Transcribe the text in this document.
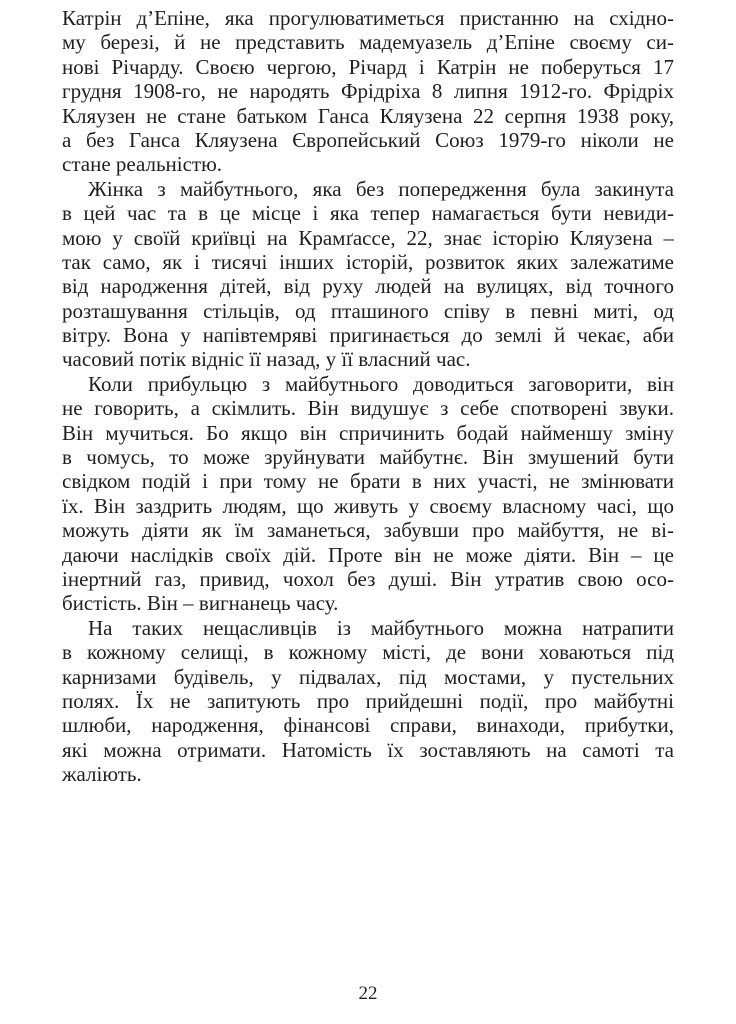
Катрін д’Епіне, яка прогулюватиметься пристанню на східно-
му березі, й не представить мадемуазель д’Епіне своєму си-
нові Річарду. Своєю чергою, Річард і Катрін не поберуться 17
грудня 1908-го, не народять Фрідріха 8 липня 1912-го. Фрідріх
Кляузен не стане батьком Ганса Кляузена 22 серпня 1938 року,
а без Ганса Кляузена Європейський Союз 1979-го ніколи не
стане реальністю.
Жінка з майбутнього, яка без попередження була закинута
в цей час та в це місце і яка тепер намагається бути невиди-
мою у своїй криївці на Крамґассе, 22, знає історію Кляузена –
так само, як і тисячі інших історій, розвиток яких залежатиме
від народження дітей, від руху людей на вулицях, від точного
розташування стільців, од пташиного співу в певні миті, од
вітру. Вона у напівтемряві пригинається до землі й чекає, аби
часовий потік відніс її назад, у її власний час.
Коли прибульцю з майбутнього доводиться заговорити, він
не говорить, а скімлить. Він видушує з себе спотворені звуки.
Він мучиться. Бо якщо він спричинить бодай найменшу зміну
в чомусь, то може зруйнувати майбутнє. Він змушений бути
свідком подій і при тому не брати в них участі, не змінювати
їх. Він заздрить людям, що живуть у своєму власному часі, що
можуть діяти як їм заманеться, забувши про майбуття, не ві-
даючи наслідків своїх дій. Проте він не може діяти. Він – це
інертний газ, привид, чохол без душі. Він утратив свою осо-
бистість. Він – вигнанець часу.
На таких нещасливців із майбутнього можна натрапити
в кожному селищі, в кожному місті, де вони ховаються під
карнизами будівель, у підвалах, під мостами, у пустельних
полях. Їх не запитують про прийдешні події, про майбутні
шлюби, народження, фінансові справи, винаходи, прибутки,
які можна отримати. Натомість їх зоставляють на самоті та
жаліють.
22
